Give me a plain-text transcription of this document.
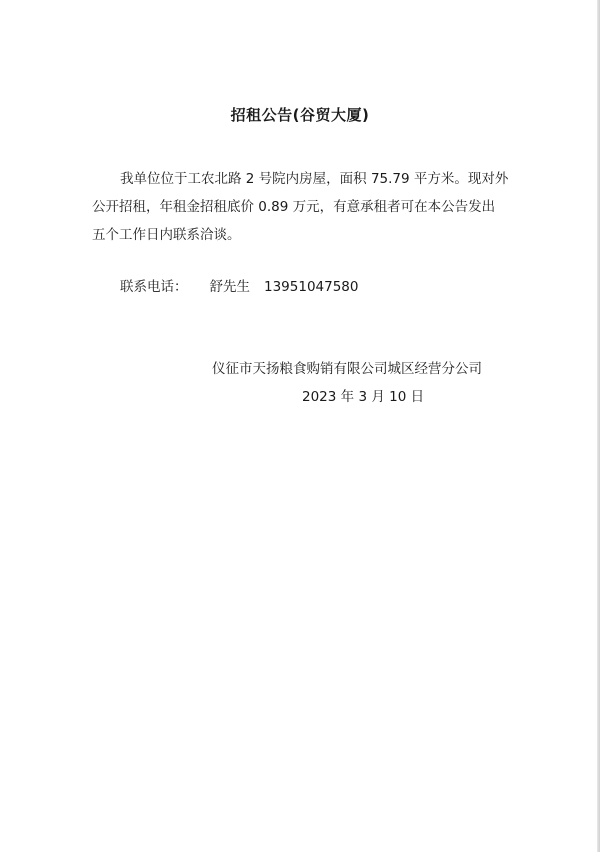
招租公告(谷贸大厦)
我单位位于工农北路 2 号院内房屋，面积 75.79 平方米。现对外
公开招租，年租金招租底价 0.89 万元，有意承租者可在本公告发出
五个工作日内联系洽谈。
联系电话： 舒先生 13951047580
仪征市天扬粮食购销有限公司城区经营分公司
2023 年 3 月 10 日
